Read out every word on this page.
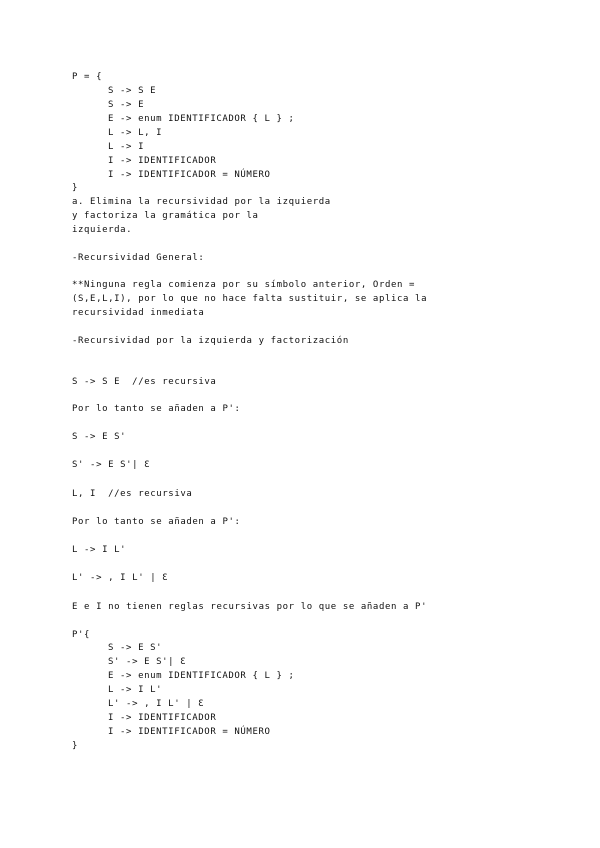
P = {
S -> S E
S -> E
E -> enum IDENTIFICADOR { L } ;
L -> L, I
L -> I
I -> IDENTIFICADOR
I -> IDENTIFICADOR = NÚMERO
}
a. Elimina la recursividad por la izquierda
y factoriza la gramática por la
izquierda.
-Recursividad General:
**Ninguna regla comienza por su símbolo anterior, Orden =
(S,E,L,I), por lo que no hace falta sustituir, se aplica la
recursividad inmediata
-Recursividad por la izquierda y factorización
S -> S E  //es recursiva
Por lo tanto se añaden a P':
S -> E S'
S' -> E S'| Ɛ
L, I  //es recursiva
Por lo tanto se añaden a P':
L -> I L'
L' -> , I L' | Ɛ
E e I no tienen reglas recursivas por lo que se añaden a P'
P'{
S -> E S'
S' -> E S'| Ɛ
E -> enum IDENTIFICADOR { L } ;
L -> I L'
L' -> , I L' | Ɛ
I -> IDENTIFICADOR
I -> IDENTIFICADOR = NÚMERO
}
